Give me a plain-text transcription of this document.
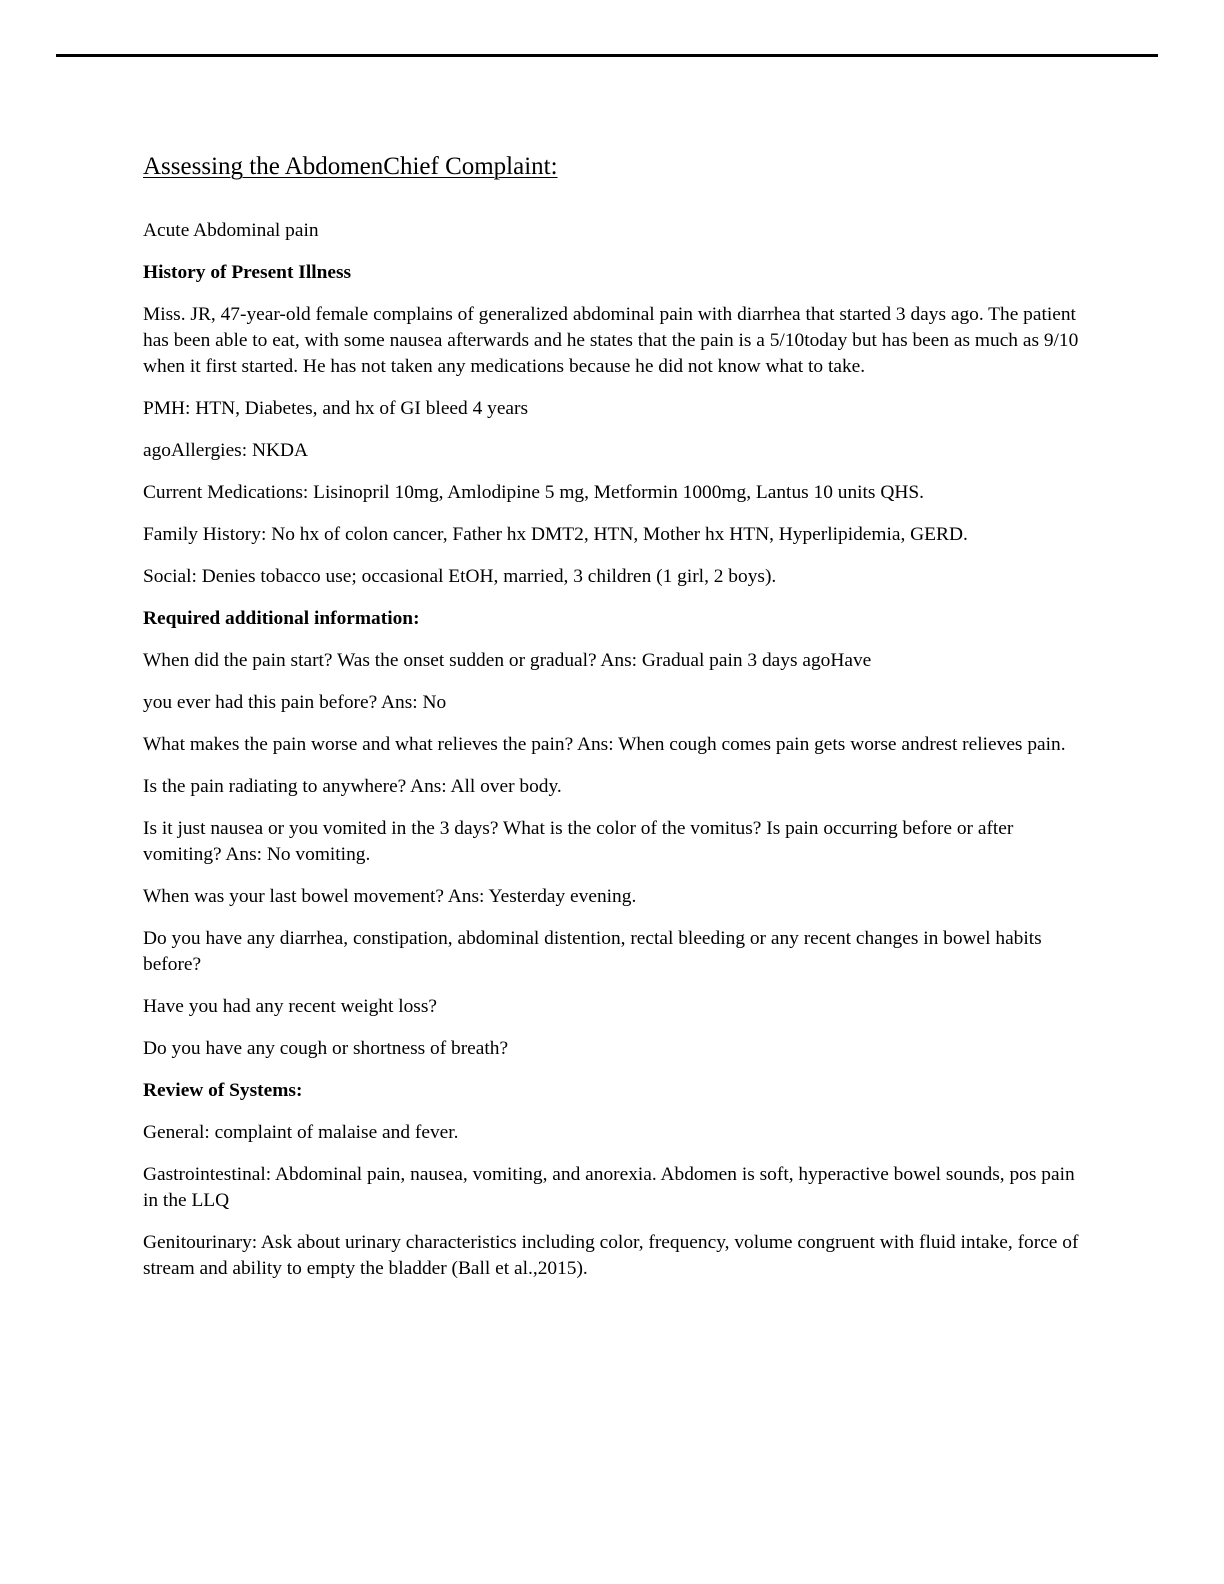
Assessing the AbdomenChief Complaint:

Acute Abdominal pain

History of Present Illness

Miss. JR, 47-year-old female complains of generalized abdominal pain with diarrhea that started 3 days ago. The patient has been able to eat, with some nausea afterwards and he states that the pain is a 5/10today but has been as much as 9/10 when it first started. He has not taken any medications because he did not know what to take.

PMH: HTN, Diabetes, and hx of GI bleed 4 years

agoAllergies: NKDA

Current Medications: Lisinopril 10mg, Amlodipine 5 mg, Metformin 1000mg, Lantus 10 units QHS.

Family History: No hx of colon cancer, Father hx DMT2, HTN, Mother hx HTN, Hyperlipidemia, GERD.

Social: Denies tobacco use; occasional EtOH, married, 3 children (1 girl, 2 boys).

Required additional information:

When did the pain start? Was the onset sudden or gradual? Ans: Gradual pain 3 days agoHave

you ever had this pain before? Ans: No

What makes the pain worse and what relieves the pain? Ans: When cough comes pain gets worse andrest relieves pain.

Is the pain radiating to anywhere? Ans: All over body.

Is it just nausea or you vomited in the 3 days? What is the color of the vomitus? Is pain occurring before or after vomiting? Ans: No vomiting.

When was your last bowel movement? Ans: Yesterday evening.

Do you have any diarrhea, constipation, abdominal distention, rectal bleeding or any recent changes in bowel habits before?

Have you had any recent weight loss?

Do you have any cough or shortness of breath?

Review of Systems:

General: complaint of malaise and fever.

Gastrointestinal: Abdominal pain, nausea, vomiting, and anorexia. Abdomen is soft, hyperactive bowel sounds, pos pain in the LLQ

Genitourinary: Ask about urinary characteristics including color, frequency, volume congruent with fluid intake, force of stream and ability to empty the bladder (Ball et al.,2015).
